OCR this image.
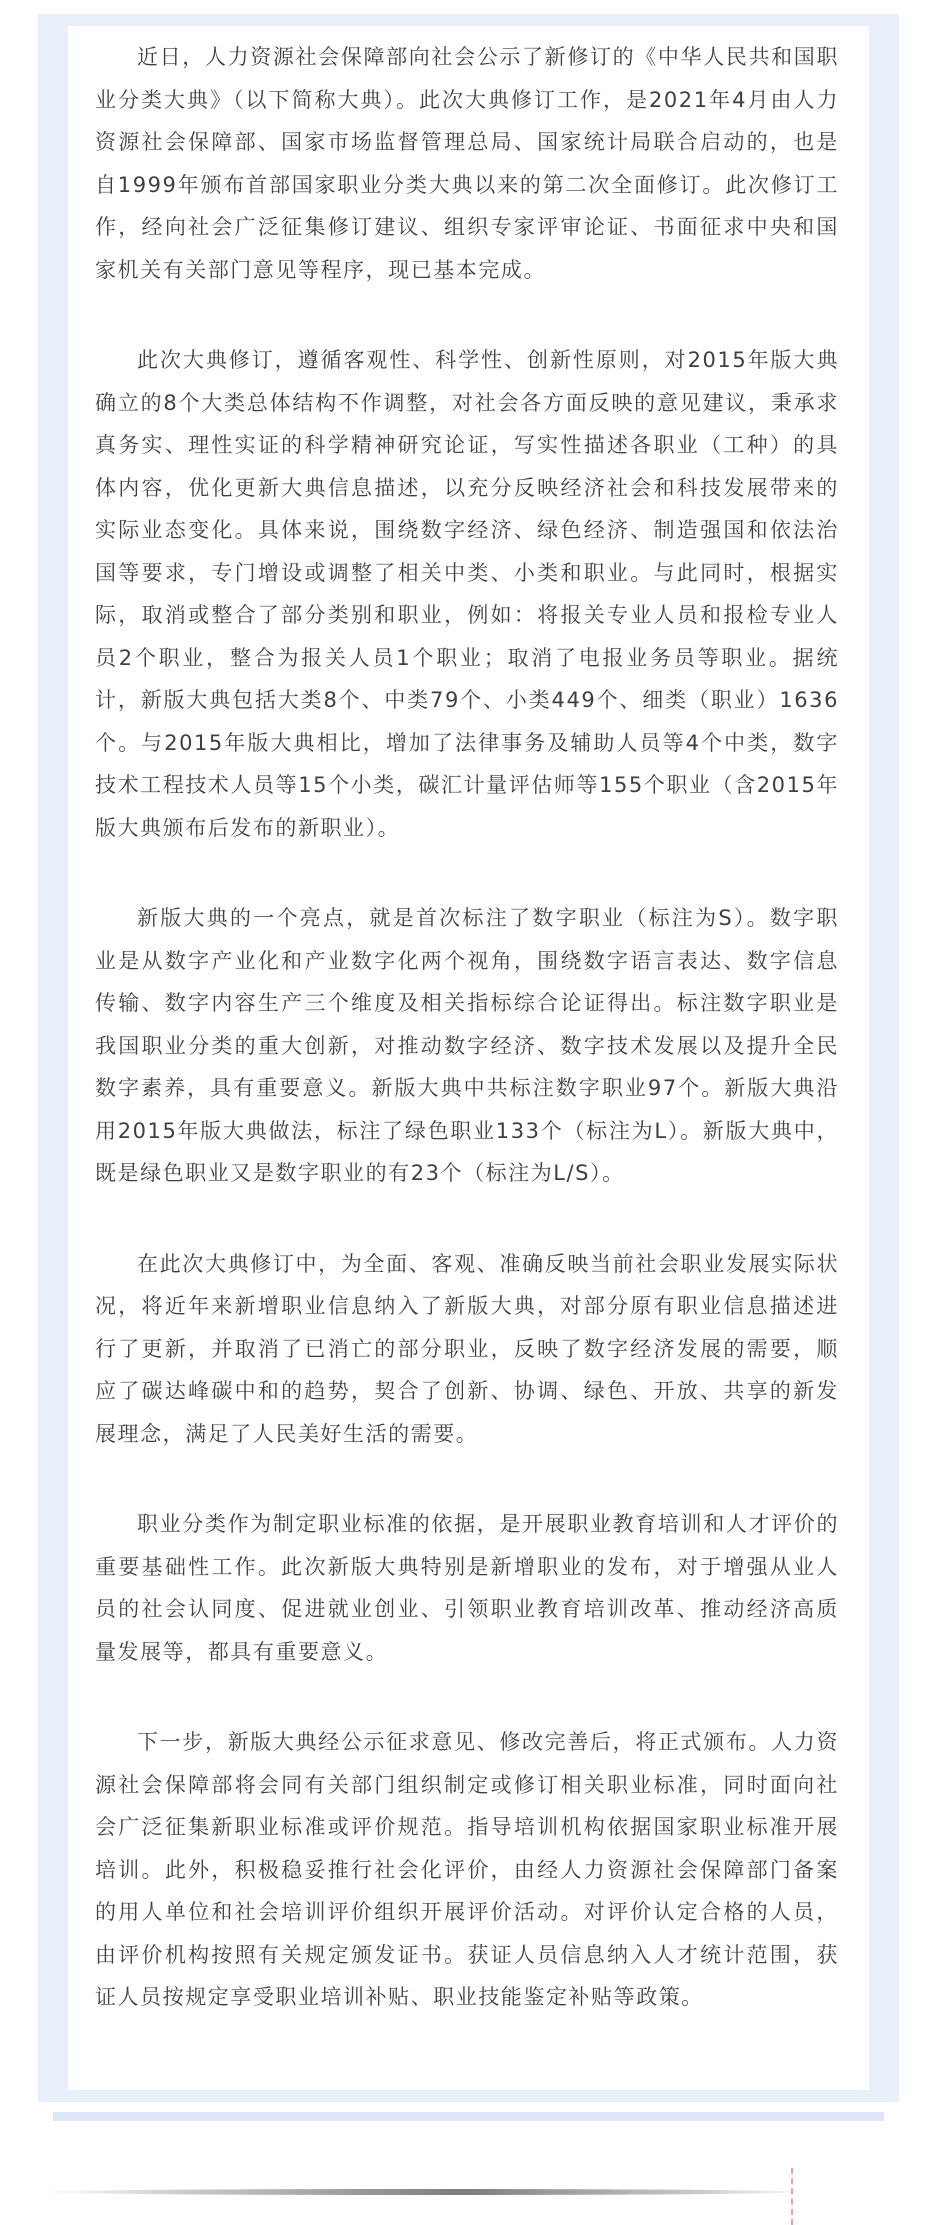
近日，人力资源社会保障部向社会公示了新修订的《中华人民共和国职业分类大典》（以下简称大典）。此次大典修订工作，是2021年4月由人力资源社会保障部、国家市场监督管理总局、国家统计局联合启动的，也是自1999年颁布首部国家职业分类大典以来的第二次全面修订。此次修订工作，经向社会广泛征集修订建议、组织专家评审论证、书面征求中央和国家机关有关部门意见等程序，现已基本完成。

此次大典修订，遵循客观性、科学性、创新性原则，对2015年版大典确立的8个大类总体结构不作调整，对社会各方面反映的意见建议，秉承求真务实、理性实证的科学精神研究论证，写实性描述各职业（工种）的具体内容，优化更新大典信息描述，以充分反映经济社会和科技发展带来的实际业态变化。具体来说，围绕数字经济、绿色经济、制造强国和依法治国等要求，专门增设或调整了相关中类、小类和职业。与此同时，根据实际，取消或整合了部分类别和职业，例如：将报关专业人员和报检专业人员2个职业，整合为报关人员1个职业；取消了电报业务员等职业。据统计，新版大典包括大类8个、中类79个、小类449个、细类（职业）1636个。与2015年版大典相比，增加了法律事务及辅助人员等4个中类，数字技术工程技术人员等15个小类，碳汇计量评估师等155个职业（含2015年版大典颁布后发布的新职业）。

新版大典的一个亮点，就是首次标注了数字职业（标注为S）。数字职业是从数字产业化和产业数字化两个视角，围绕数字语言表达、数字信息传输、数字内容生产三个维度及相关指标综合论证得出。标注数字职业是我国职业分类的重大创新，对推动数字经济、数字技术发展以及提升全民数字素养，具有重要意义。新版大典中共标注数字职业97个。新版大典沿用2015年版大典做法，标注了绿色职业133个（标注为L）。新版大典中，既是绿色职业又是数字职业的有23个（标注为L/S）。

在此次大典修订中，为全面、客观、准确反映当前社会职业发展实际状况，将近年来新增职业信息纳入了新版大典，对部分原有职业信息描述进行了更新，并取消了已消亡的部分职业，反映了数字经济发展的需要，顺应了碳达峰碳中和的趋势，契合了创新、协调、绿色、开放、共享的新发展理念，满足了人民美好生活的需要。

职业分类作为制定职业标准的依据，是开展职业教育培训和人才评价的重要基础性工作。此次新版大典特别是新增职业的发布，对于增强从业人员的社会认同度、促进就业创业、引领职业教育培训改革、推动经济高质量发展等，都具有重要意义。

下一步，新版大典经公示征求意见、修改完善后，将正式颁布。人力资源社会保障部将会同有关部门组织制定或修订相关职业标准，同时面向社会广泛征集新职业标准或评价规范。指导培训机构依据国家职业标准开展培训。此外，积极稳妥推行社会化评价，由经人力资源社会保障部门备案的用人单位和社会培训评价组织开展评价活动。对评价认定合格的人员，由评价机构按照有关规定颁发证书。获证人员信息纳入人才统计范围，获证人员按规定享受职业培训补贴、职业技能鉴定补贴等政策。
